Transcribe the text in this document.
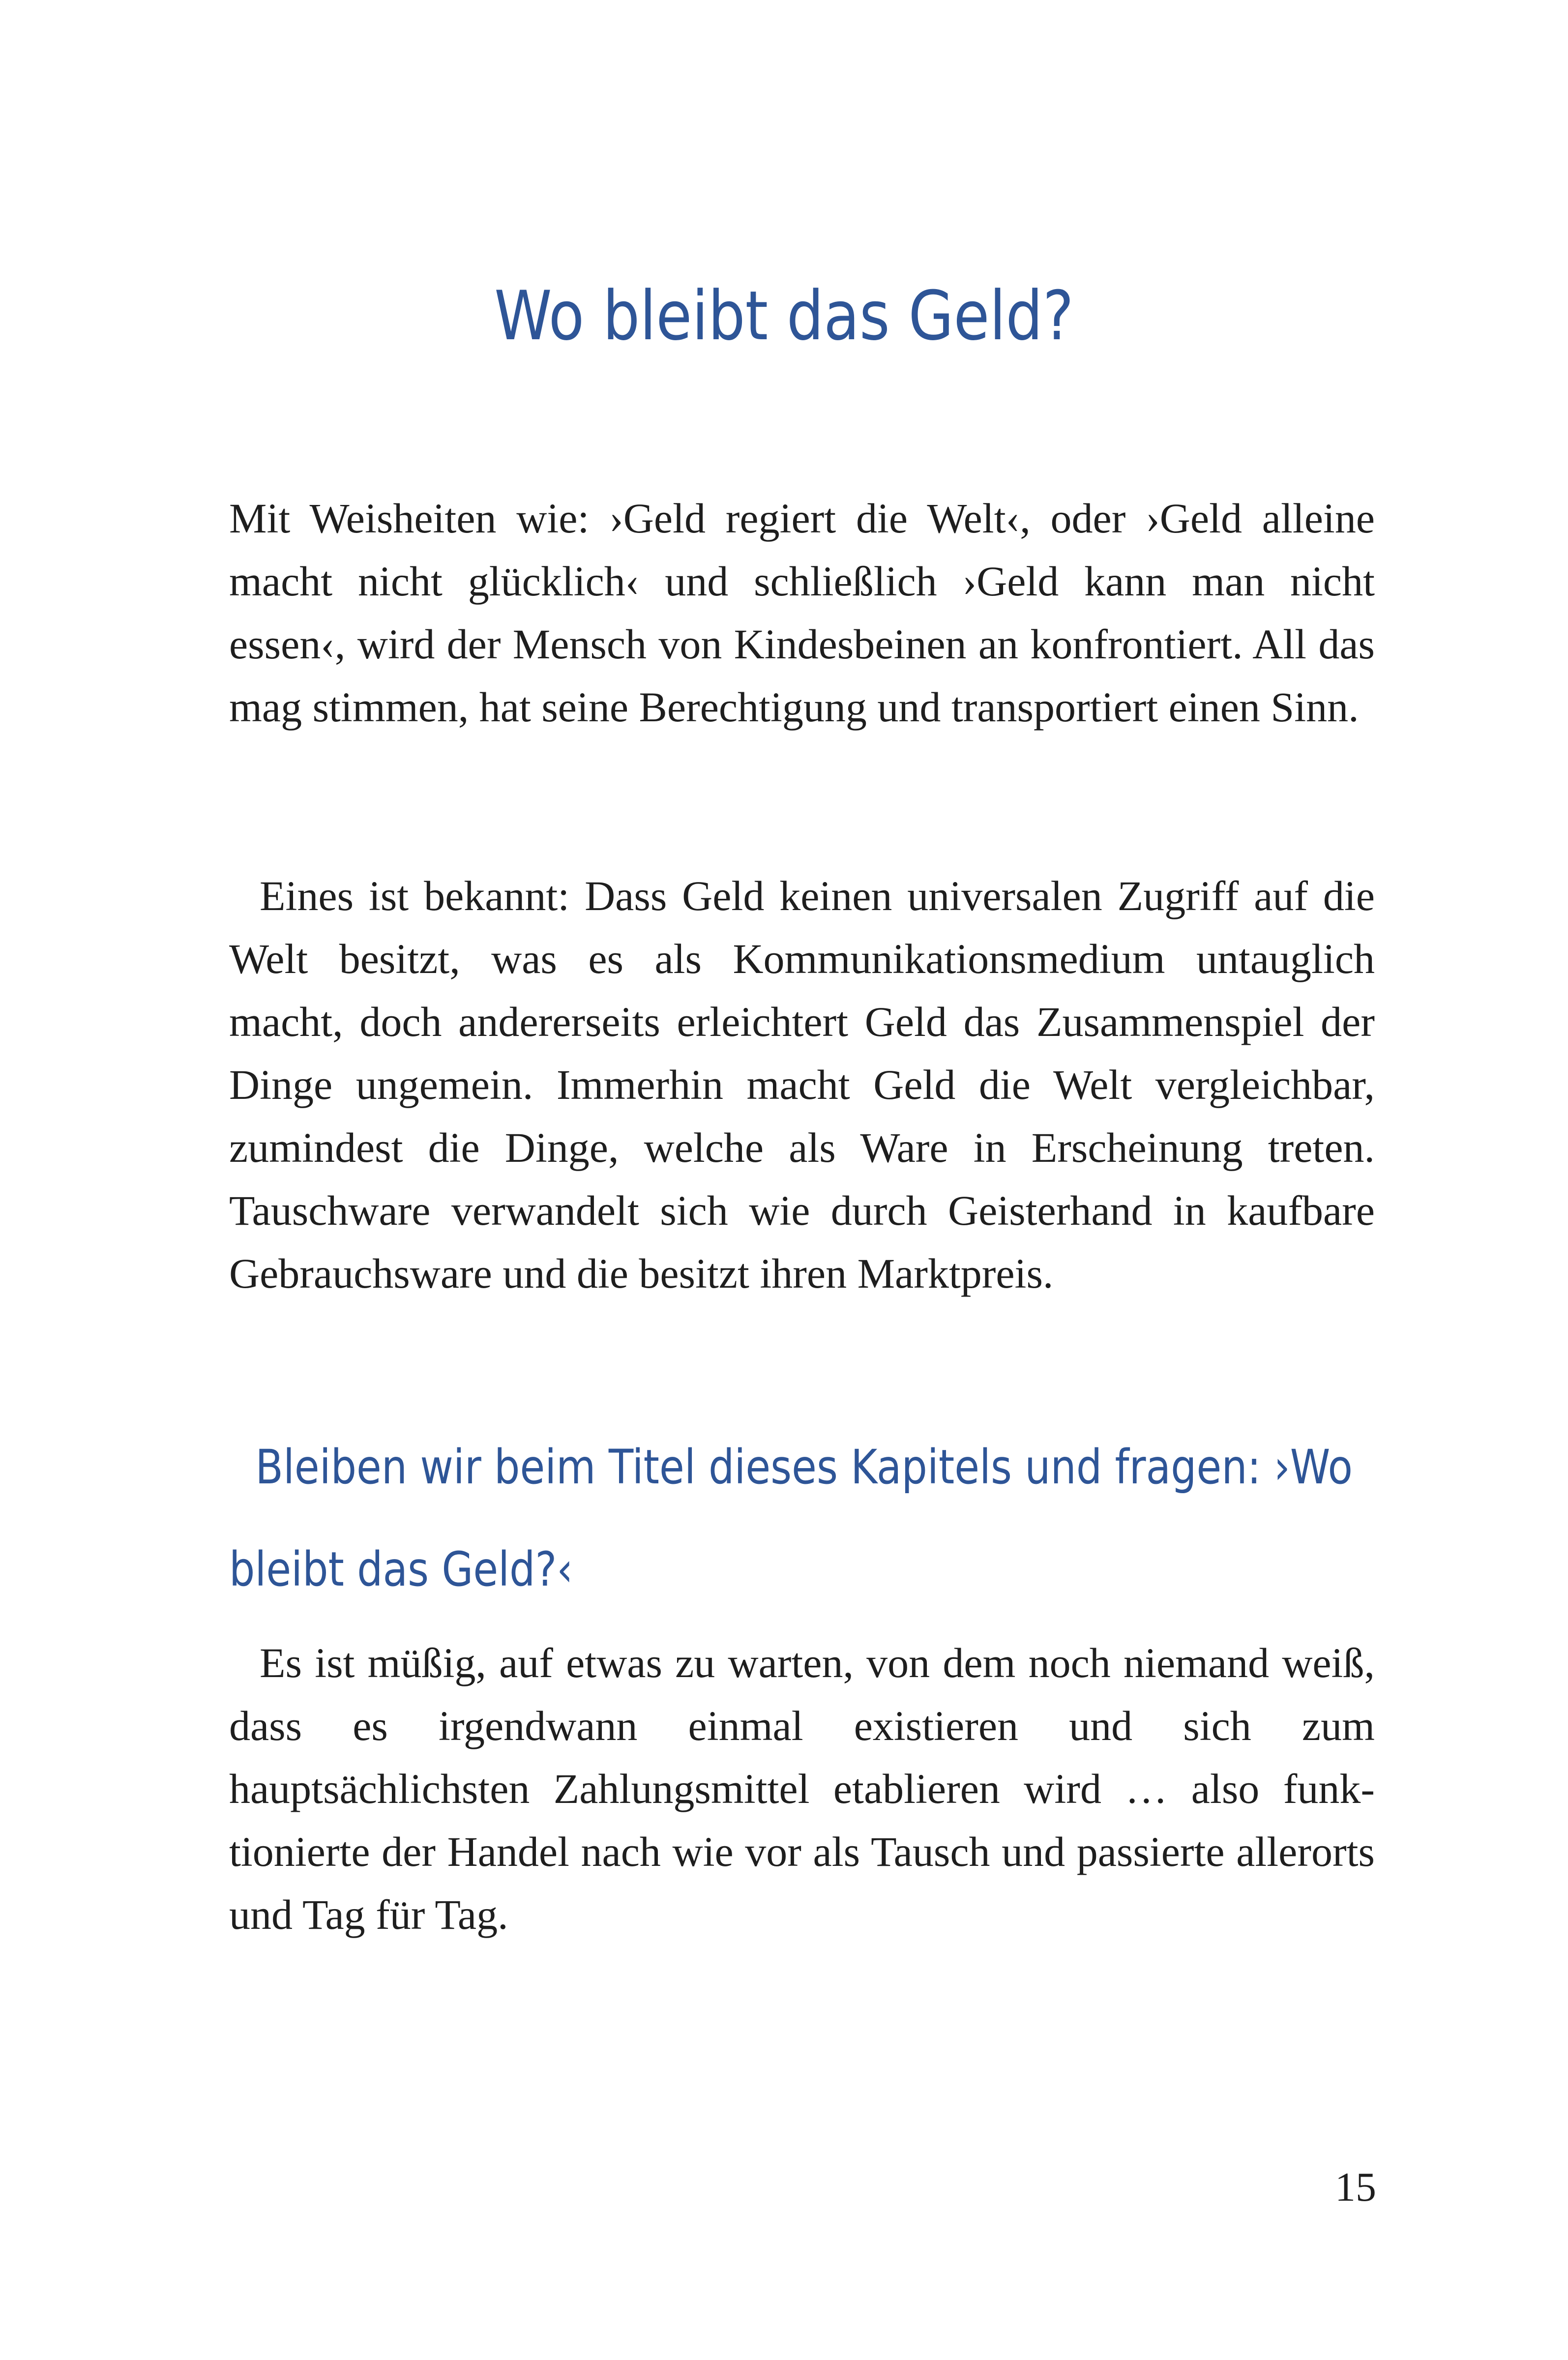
Wo bleibt das Geld?

Mit Weisheiten wie: ›Geld regiert die Welt‹, oder ›Geld alleine macht nicht glücklich‹ und schließlich ›Geld kann man nicht essen‹, wird der Mensch von Kindesbeinen an konfrontiert. All das mag stimmen, hat seine Berechtigung und transportiert einen Sinn.

Eines ist bekannt: Dass Geld keinen universalen Zugriff auf die Welt besitzt, was es als Kommunikationsmedium untauglich macht, doch andererseits erleichtert Geld das Zusammenspiel der Dinge ungemein. Immerhin macht Geld die Welt vergleichbar, zumindest die Dinge, welche als Ware in Erscheinung treten. Tauschware verwandelt sich wie durch Geisterhand in kaufbare Gebrauchsware und die besitzt ihren Marktpreis.

Bleiben wir beim Titel dieses Kapitels und fragen: ›Wo bleibt das Geld?‹

Es ist müßig, auf etwas zu warten, von dem noch niemand weiß, dass es irgendwann einmal existieren und sich zum hauptsächlichsten Zahlungsmittel etablieren wird … also funktionierte der Handel nach wie vor als Tausch und passierte allerorts und Tag für Tag.

15
